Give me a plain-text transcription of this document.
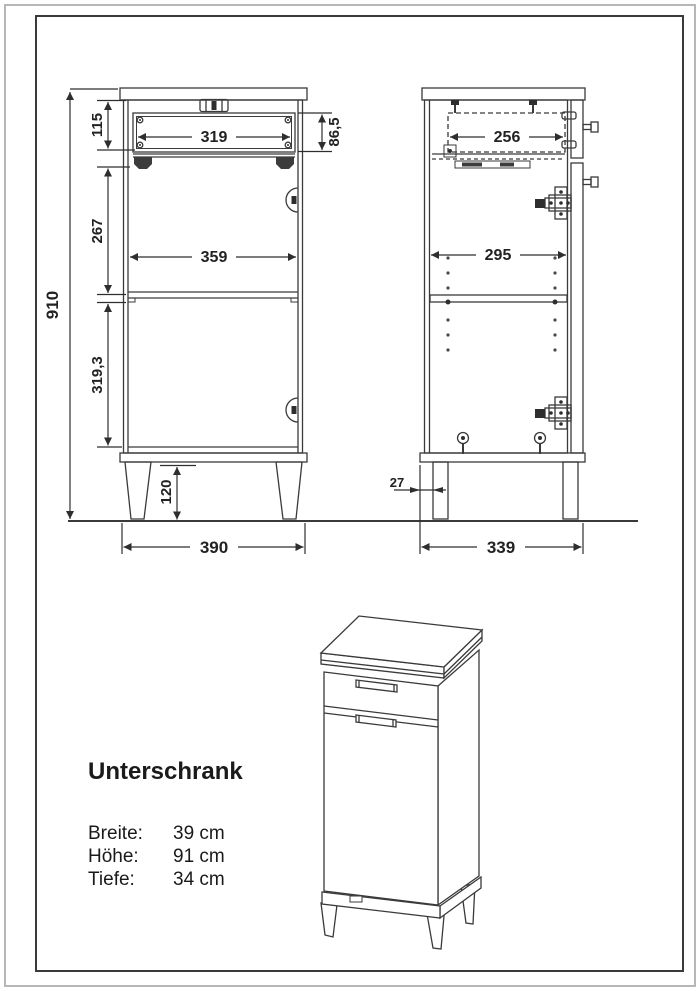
910
115
319	86,5
267
359
319,3
120
390
256
295
27
339
Unterschrank
Breite:	39 cm
Höhe:	91 cm
Tiefe:	34 cm
